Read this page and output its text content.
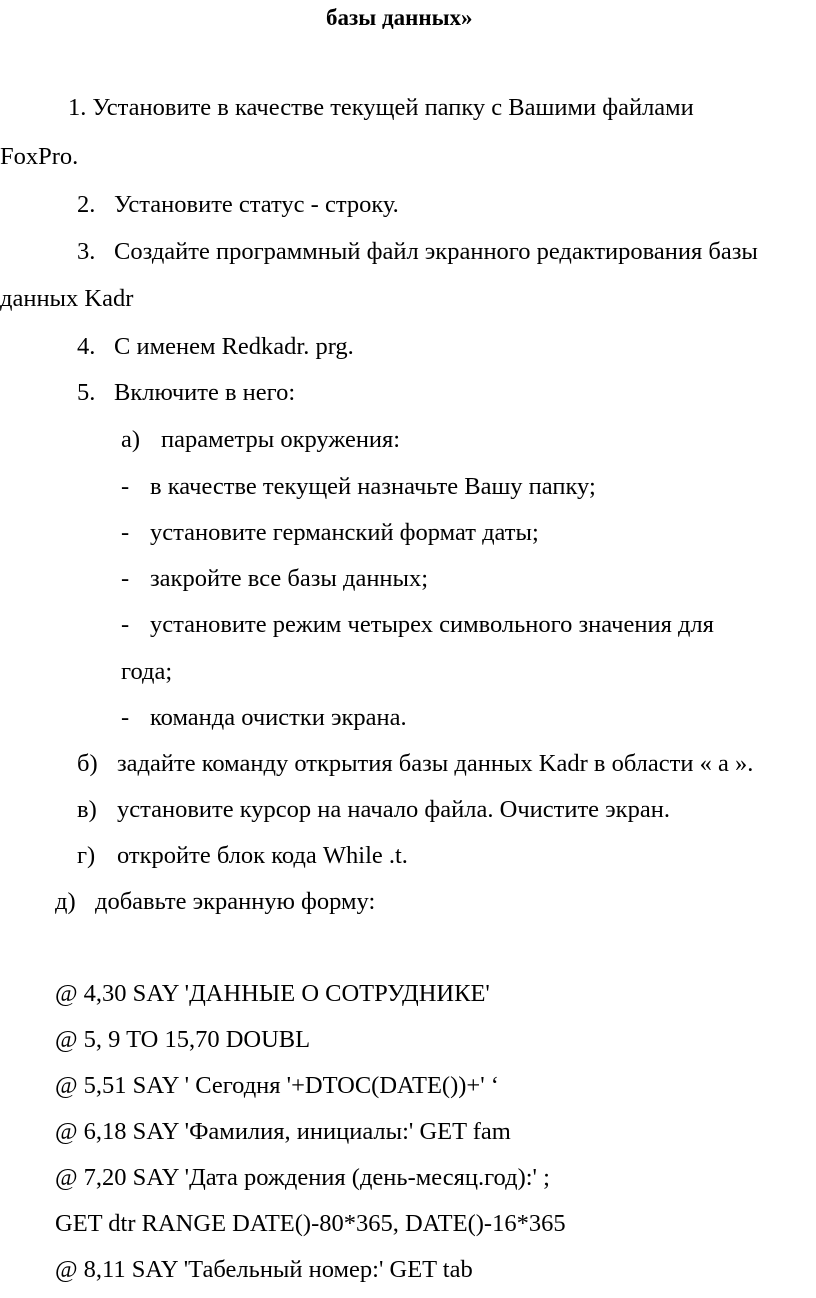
базы данных»
1. Установите в качестве текущей папку с Вашими файлами
FoxPro.
2. Установите статус - строку.
3. Создайте программный файл экранного редактирования базы
данных Kadr
4. С именем Redkadr. prg.
5. Включите в него:
а) параметры окружения:
- в качестве текущей назначьте Вашу папку;
- установите германский формат даты;
- закройте все базы данных;
- установите режим четырех символьного значения для
года;
- команда очистки экрана.
б) задайте команду открытия базы данных Kadr в области « а ».
в) установите курсор на начало файла. Очистите экран.
г) откройте блок кода While .t.
д) добавьте экранную форму:
@ 4,30 SAY 'ДАННЫЕ О СОТРУДНИКЕ'
@ 5, 9 TO 15,70 DOUBL
@ 5,51 SAY ' Сегодня '+DTOC(DATE())+' ‘
@ 6,18 SAY 'Фамилия, инициалы:' GET fam
@ 7,20 SAY 'Дата рождения (день-месяц.год):' ;
GET dtr RANGE DATE()-80*365, DATE()-16*365
@ 8,11 SAY 'Табельный номер:' GET tab
